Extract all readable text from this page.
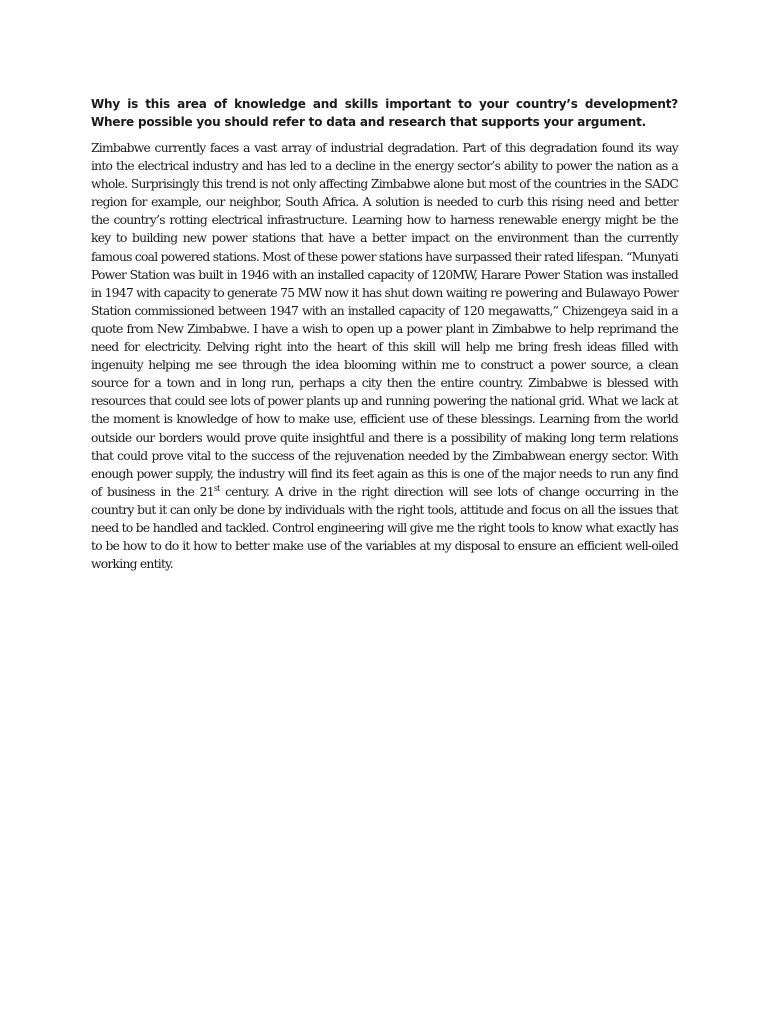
Why is this area of knowledge and skills important to your country’s development? Where possible you should refer to data and research that supports your argument.

Zimbabwe currently faces a vast array of industrial degradation. Part of this degradation found its way into the electrical industry and has led to a decline in the energy sector’s ability to power the nation as a whole. Surprisingly this trend is not only affecting Zimbabwe alone but most of the countries in the SADC region for example, our neighbor, South Africa. A solution is needed to curb this rising need and better the country’s rotting electrical infrastructure. Learning how to harness renewable energy might be the key to building new power stations that have a better impact on the environment than the currently famous coal powered stations. Most of these power stations have surpassed their rated lifespan. “Munyati Power Station was built in 1946 with an installed capacity of 120MW, Harare Power Station was installed in 1947 with capacity to generate 75 MW now it has shut down waiting re powering and Bulawayo Power Station commissioned between 1947 with an installed capacity of 120 megawatts,” Chizengeya said in a quote from New Zimbabwe. I have a wish to open up a power plant in Zimbabwe to help reprimand the need for electricity. Delving right into the heart of this skill will help me bring fresh ideas filled with ingenuity helping me see through the idea blooming within me to construct a power source, a clean source for a town and in long run, perhaps a city then the entire country. Zimbabwe is blessed with resources that could see lots of power plants up and running powering the national grid. What we lack at the moment is knowledge of how to make use, efficient use of these blessings. Learning from the world outside our borders would prove quite insightful and there is a possibility of making long term relations that could prove vital to the success of the rejuvenation needed by the Zimbabwean energy sector. With enough power supply, the industry will find its feet again as this is one of the major needs to run any find of business in the 21st century. A drive in the right direction will see lots of change occurring in the country but it can only be done by individuals with the right tools, attitude and focus on all the issues that need to be handled and tackled. Control engineering will give me the right tools to know what exactly has to be how to do it how to better make use of the variables at my disposal to ensure an efficient well-oiled working entity.
